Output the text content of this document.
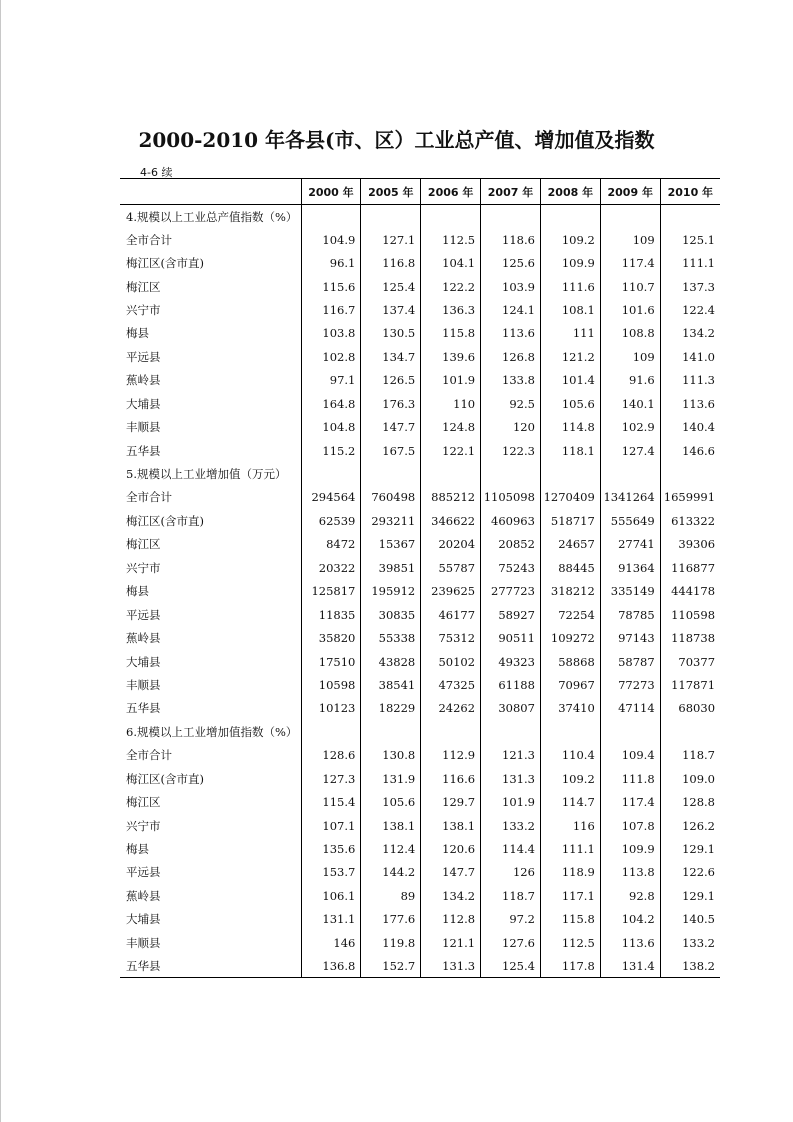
2000-2010 年各县(市、区）工业总产值、增加值及指数
4-6 续
	2000 年	2005 年	2006 年	2007 年	2008 年	2009 年	2010 年
4.规模以上工业总产值指数（%）							
全市合计	104.9	127.1	112.5	118.6	109.2	109	125.1
梅江区(含市直)	96.1	116.8	104.1	125.6	109.9	117.4	111.1
梅江区	115.6	125.4	122.2	103.9	111.6	110.7	137.3
兴宁市	116.7	137.4	136.3	124.1	108.1	101.6	122.4
梅县	103.8	130.5	115.8	113.6	111	108.8	134.2
平远县	102.8	134.7	139.6	126.8	121.2	109	141.0
蕉岭县	97.1	126.5	101.9	133.8	101.4	91.6	111.3
大埔县	164.8	176.3	110	92.5	105.6	140.1	113.6
丰顺县	104.8	147.7	124.8	120	114.8	102.9	140.4
五华县	115.2	167.5	122.1	122.3	118.1	127.4	146.6
5.规模以上工业增加值（万元）							
全市合计	294564	760498	885212	1105098	1270409	1341264	1659991
梅江区(含市直)	62539	293211	346622	460963	518717	555649	613322
梅江区	8472	15367	20204	20852	24657	27741	39306
兴宁市	20322	39851	55787	75243	88445	91364	116877
梅县	125817	195912	239625	277723	318212	335149	444178
平远县	11835	30835	46177	58927	72254	78785	110598
蕉岭县	35820	55338	75312	90511	109272	97143	118738
大埔县	17510	43828	50102	49323	58868	58787	70377
丰顺县	10598	38541	47325	61188	70967	77273	117871
五华县	10123	18229	24262	30807	37410	47114	68030
6.规模以上工业增加值指数（%）							
全市合计	128.6	130.8	112.9	121.3	110.4	109.4	118.7
梅江区(含市直)	127.3	131.9	116.6	131.3	109.2	111.8	109.0
梅江区	115.4	105.6	129.7	101.9	114.7	117.4	128.8
兴宁市	107.1	138.1	138.1	133.2	116	107.8	126.2
梅县	135.6	112.4	120.6	114.4	111.1	109.9	129.1
平远县	153.7	144.2	147.7	126	118.9	113.8	122.6
蕉岭县	106.1	89	134.2	118.7	117.1	92.8	129.1
大埔县	131.1	177.6	112.8	97.2	115.8	104.2	140.5
丰顺县	146	119.8	121.1	127.6	112.5	113.6	133.2
五华县	136.8	152.7	131.3	125.4	117.8	131.4	138.2
